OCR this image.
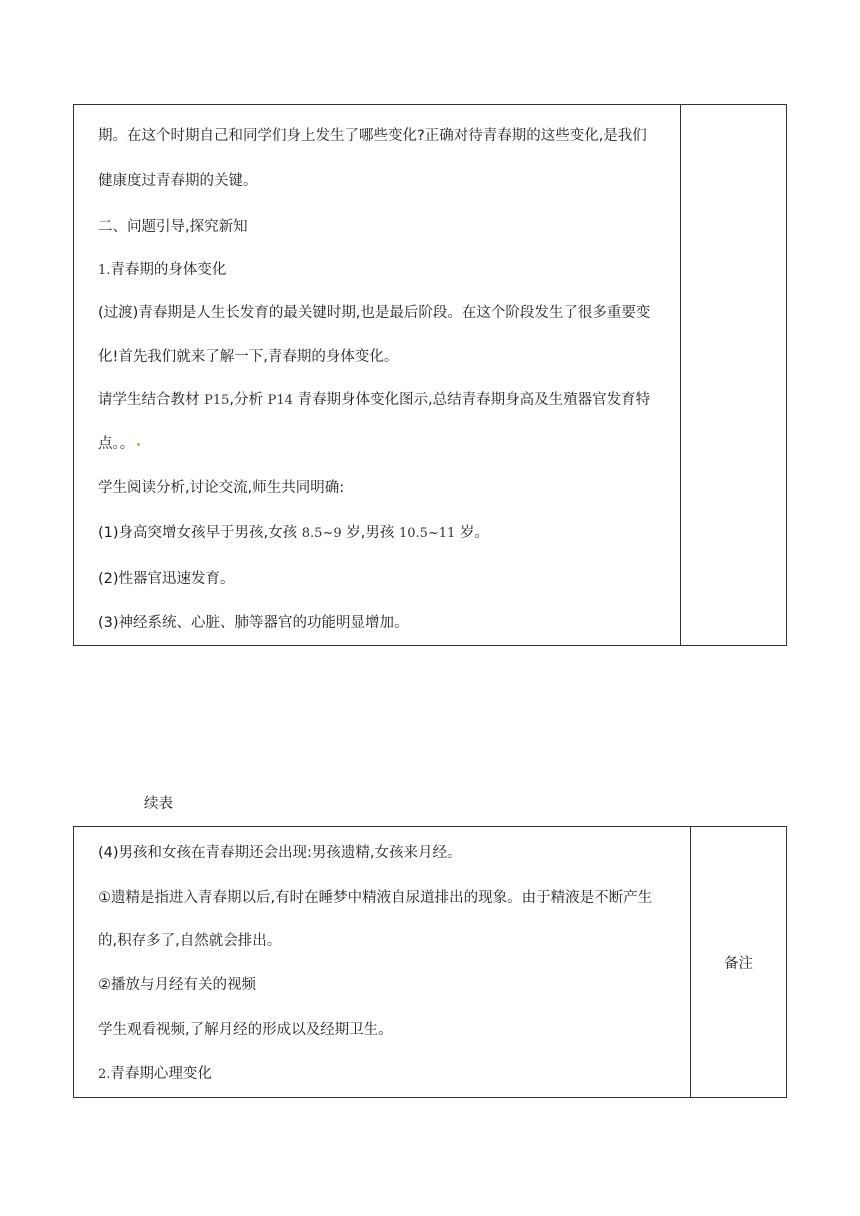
期。在这个时期自己和同学们身上发生了哪些变化?正确对待青春期的这些变化,是我们
健康度过青春期的关键。
二、问题引导,探究新知
1.青春期的身体变化
(过渡)青春期是人生长发育的最关键时期,也是最后阶段。在这个阶段发生了很多重要变
化!首先我们就来了解一下,青春期的身体变化。
请学生结合教材 P15,分析 P14 青春期身体变化图示,总结青春期身高及生殖器官发育特
点。。
学生阅读分析,讨论交流,师生共同明确:
(1)身高突增女孩早于男孩,女孩 8.5~9 岁,男孩 10.5~11 岁。
(2)性器官迅速发育。
(3)神经系统、心脏、肺等器官的功能明显增加。
续表
(4)男孩和女孩在青春期还会出现:男孩遗精,女孩来月经。
①遗精是指进入青春期以后,有时在睡梦中精液自尿道排出的现象。由于精液是不断产生
的,积存多了,自然就会排出。
②播放与月经有关的视频
学生观看视频,了解月经的形成以及经期卫生。
2.青春期心理变化
备注
